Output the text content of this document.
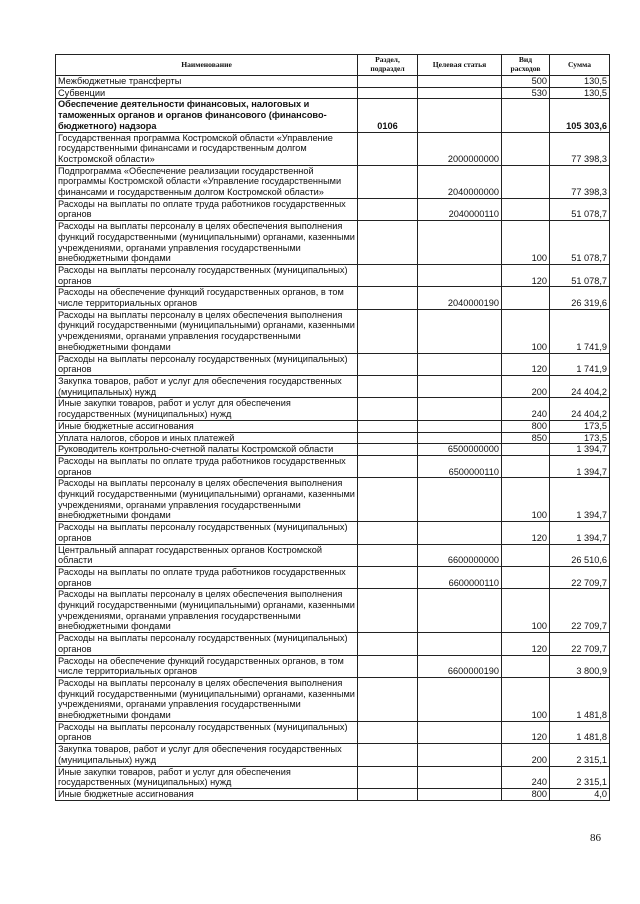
Наименование	Раздел, подраздел	Целевая статья	Вид расходов	Сумма
Межбюджетные трансферты			500	130,5
Субвенции			530	130,5
Обеспечение деятельности финансовых, налоговых и таможенных органов и органов финансового (финансово-бюджетного) надзора	0106			105 303,6
Государственная программа Костромской области «Управление государственными финансами и государственным долгом Костромской области»		2000000000		77 398,3
Подпрограмма «Обеспечение реализации государственной программы Костромской области «Управление государственными финансами и государственным долгом Костромской области»		2040000000		77 398,3
Расходы на выплаты по оплате труда работников государственных органов		2040000110		51 078,7
Расходы на выплаты персоналу в целях обеспечения выполнения функций государственными (муниципальными) органами, казенными учреждениями, органами управления государственными внебюджетными фондами			100	51 078,7
Расходы на выплаты персоналу государственных (муниципальных) органов			120	51 078,7
Расходы на обеспечение функций государственных органов, в том числе территориальных органов		2040000190		26 319,6
Расходы на выплаты персоналу в целях обеспечения выполнения функций государственными (муниципальными) органами, казенными учреждениями, органами управления государственными внебюджетными фондами			100	1 741,9
Расходы на выплаты персоналу государственных (муниципальных) органов			120	1 741,9
Закупка товаров, работ и услуг для обеспечения государственных (муниципальных) нужд			200	24 404,2
Иные закупки товаров, работ и услуг для обеспечения государственных (муниципальных) нужд			240	24 404,2
Иные бюджетные ассигнования			800	173,5
Уплата налогов, сборов и иных платежей			850	173,5
Руководитель контрольно-счетной палаты Костромской области		6500000000		1 394,7
Расходы на выплаты по оплате труда работников государственных органов		6500000110		1 394,7
Расходы на выплаты персоналу в целях обеспечения выполнения функций государственными (муниципальными) органами, казенными учреждениями, органами управления государственными внебюджетными фондами			100	1 394,7
Расходы на выплаты персоналу государственных (муниципальных) органов			120	1 394,7
Центральный аппарат государственных органов Костромской области		6600000000		26 510,6
Расходы на выплаты по оплате труда работников государственных органов		6600000110		22 709,7
Расходы на выплаты персоналу в целях обеспечения выполнения функций государственными (муниципальными) органами, казенными учреждениями, органами управления государственными внебюджетными фондами			100	22 709,7
Расходы на выплаты персоналу государственных (муниципальных) органов			120	22 709,7
Расходы на обеспечение функций государственных органов, в том числе территориальных органов		6600000190		3 800,9
Расходы на выплаты персоналу в целях обеспечения выполнения функций государственными (муниципальными) органами, казенными учреждениями, органами управления государственными внебюджетными фондами			100	1 481,8
Расходы на выплаты персоналу государственных (муниципальных) органов			120	1 481,8
Закупка товаров, работ и услуг для обеспечения государственных (муниципальных) нужд			200	2 315,1
Иные закупки товаров, работ и услуг для обеспечения государственных (муниципальных) нужд			240	2 315,1
Иные бюджетные ассигнования			800	4,0
86
